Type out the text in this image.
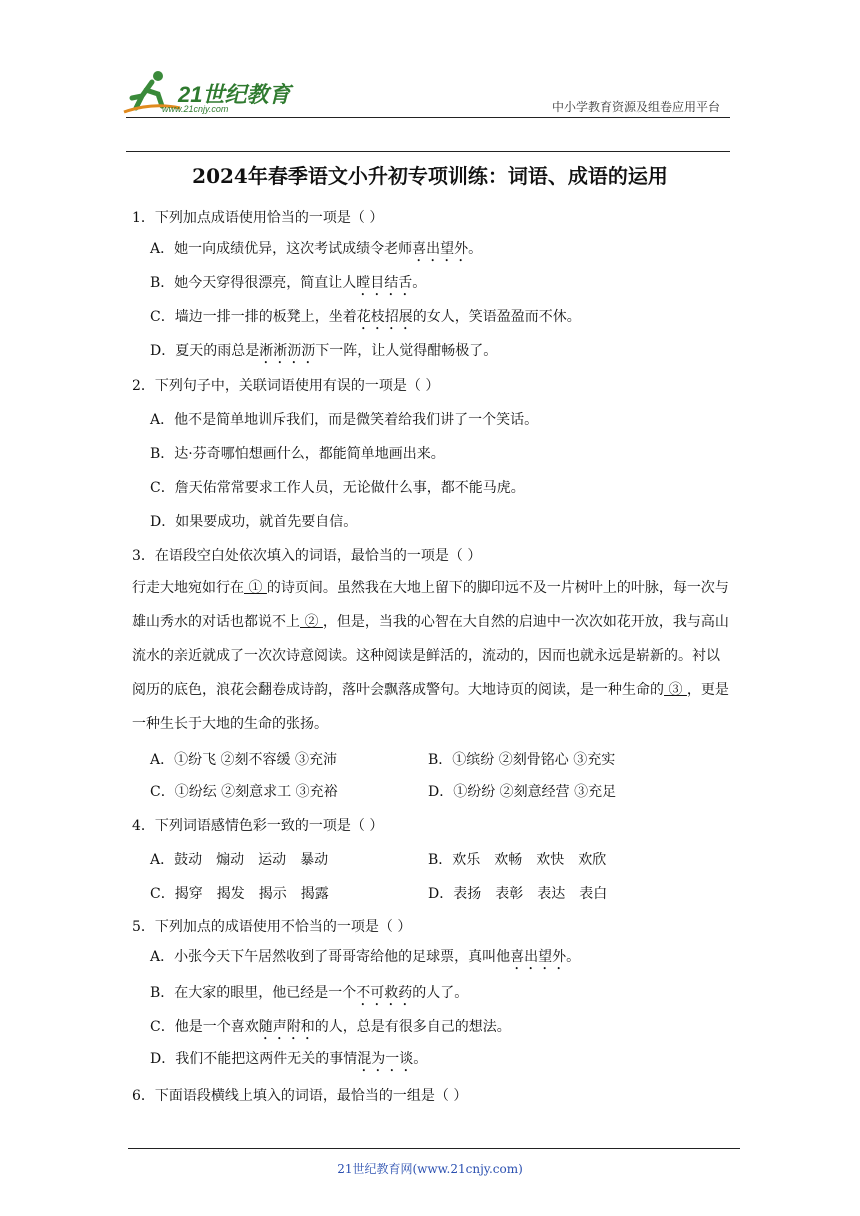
21世纪教育
www.21cnjy.com	中小学教育资源及组卷应用平台
2024年春季语文小升初专项训练：词语、成语的运用
1．下列加点成语使用恰当的一项是（ ）
A．她一向成绩优异，这次考试成绩令老师喜出望外。
B．她今天穿得很漂亮，简直让人瞠目结舌。
C．墙边一排一排的板凳上，坐着花枝招展的女人，笑语盈盈而不休。
D．夏天的雨总是淅淅沥沥下一阵，让人觉得酣畅极了。
2．下列句子中，关联词语使用有误的一项是（ ）
A．他不是简单地训斥我们，而是微笑着给我们讲了一个笑话。
B．达·芬奇哪怕想画什么，都能简单地画出来。
C．詹天佑常常要求工作人员，无论做什么事，都不能马虎。
D．如果要成功，就首先要自信。
3．在语段空白处依次填入的词语，最恰当的一项是（ ）
行走大地宛如行在 ① 的诗页间。虽然我在大地上留下的脚印远不及一片树叶上的叶脉，每一次与雄山秀水的对话也都说不上 ② ，但是，当我的心智在大自然的启迪中一次次如花开放，我与高山流水的亲近就成了一次次诗意阅读。这种阅读是鲜活的，流动的，因而也就永远是崭新的。衬以阅历的底色，浪花会翻卷成诗韵，落叶会飘落成警句。大地诗页的阅读，是一种生命的 ③ ，更是一种生长于大地的生命的张扬。
A．①纷飞 ②刻不容缓 ③充沛	B．①缤纷 ②刻骨铭心 ③充实
C．①纷纭 ②刻意求工 ③充裕	D．①纷纷 ②刻意经营 ③充足
4．下列词语感情色彩一致的一项是（ ）
A．鼓动　煽动　运动　暴动	B．欢乐　欢畅　欢快　欢欣
C．揭穿　揭发　揭示　揭露	D．表扬　表彰　表达　表白
5．下列加点的成语使用不恰当的一项是（ ）
A．小张今天下午居然收到了哥哥寄给他的足球票，真叫他喜出望外。
B．在大家的眼里，他已经是一个不可救药的人了。
C．他是一个喜欢随声附和的人，总是有很多自己的想法。
D．我们不能把这两件无关的事情混为一谈。
6．下面语段横线上填入的词语，最恰当的一组是（ ）
21世纪教育网(www.21cnjy.com)
